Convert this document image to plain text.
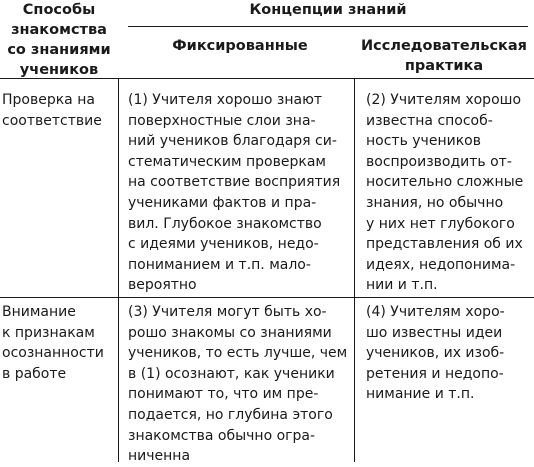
Способы
знакомства
со знаниями
учеников
Концепции знаний
Фиксированные	Исследовательская
практика
Проверка на
соответствие
(1) Учителя хорошо знают
поверхностные слои зна-
ний учеников благодаря си-
стематическим проверкам
на соответствие восприятия
учениками фактов и пра-
вил. Глубокое знакомство
с идеями учеников, недо-
пониманием и т.п. мало-
вероятно
(2) Учителям хорошо
известна способ-
ность учеников
воспроизводить от-
носительно сложные
знания, но обычно
у них нет глубокого
представления об их
идеях, недопонима-
нии и т.п.
Внимание
к признакам
осознанности
в работе
(3) Учителя могут быть хо-
рошо знакомы со знаниями
учеников, то есть лучше, чем
в (1) осознают, как ученики
понимают то, что им пре-
подается, но глубина этого
знакомства обычно огра-
ниченна
(4) Учителям хоро-
шо известны идеи
учеников, их изоб-
ретения и недопо-
нимание и т.п.
